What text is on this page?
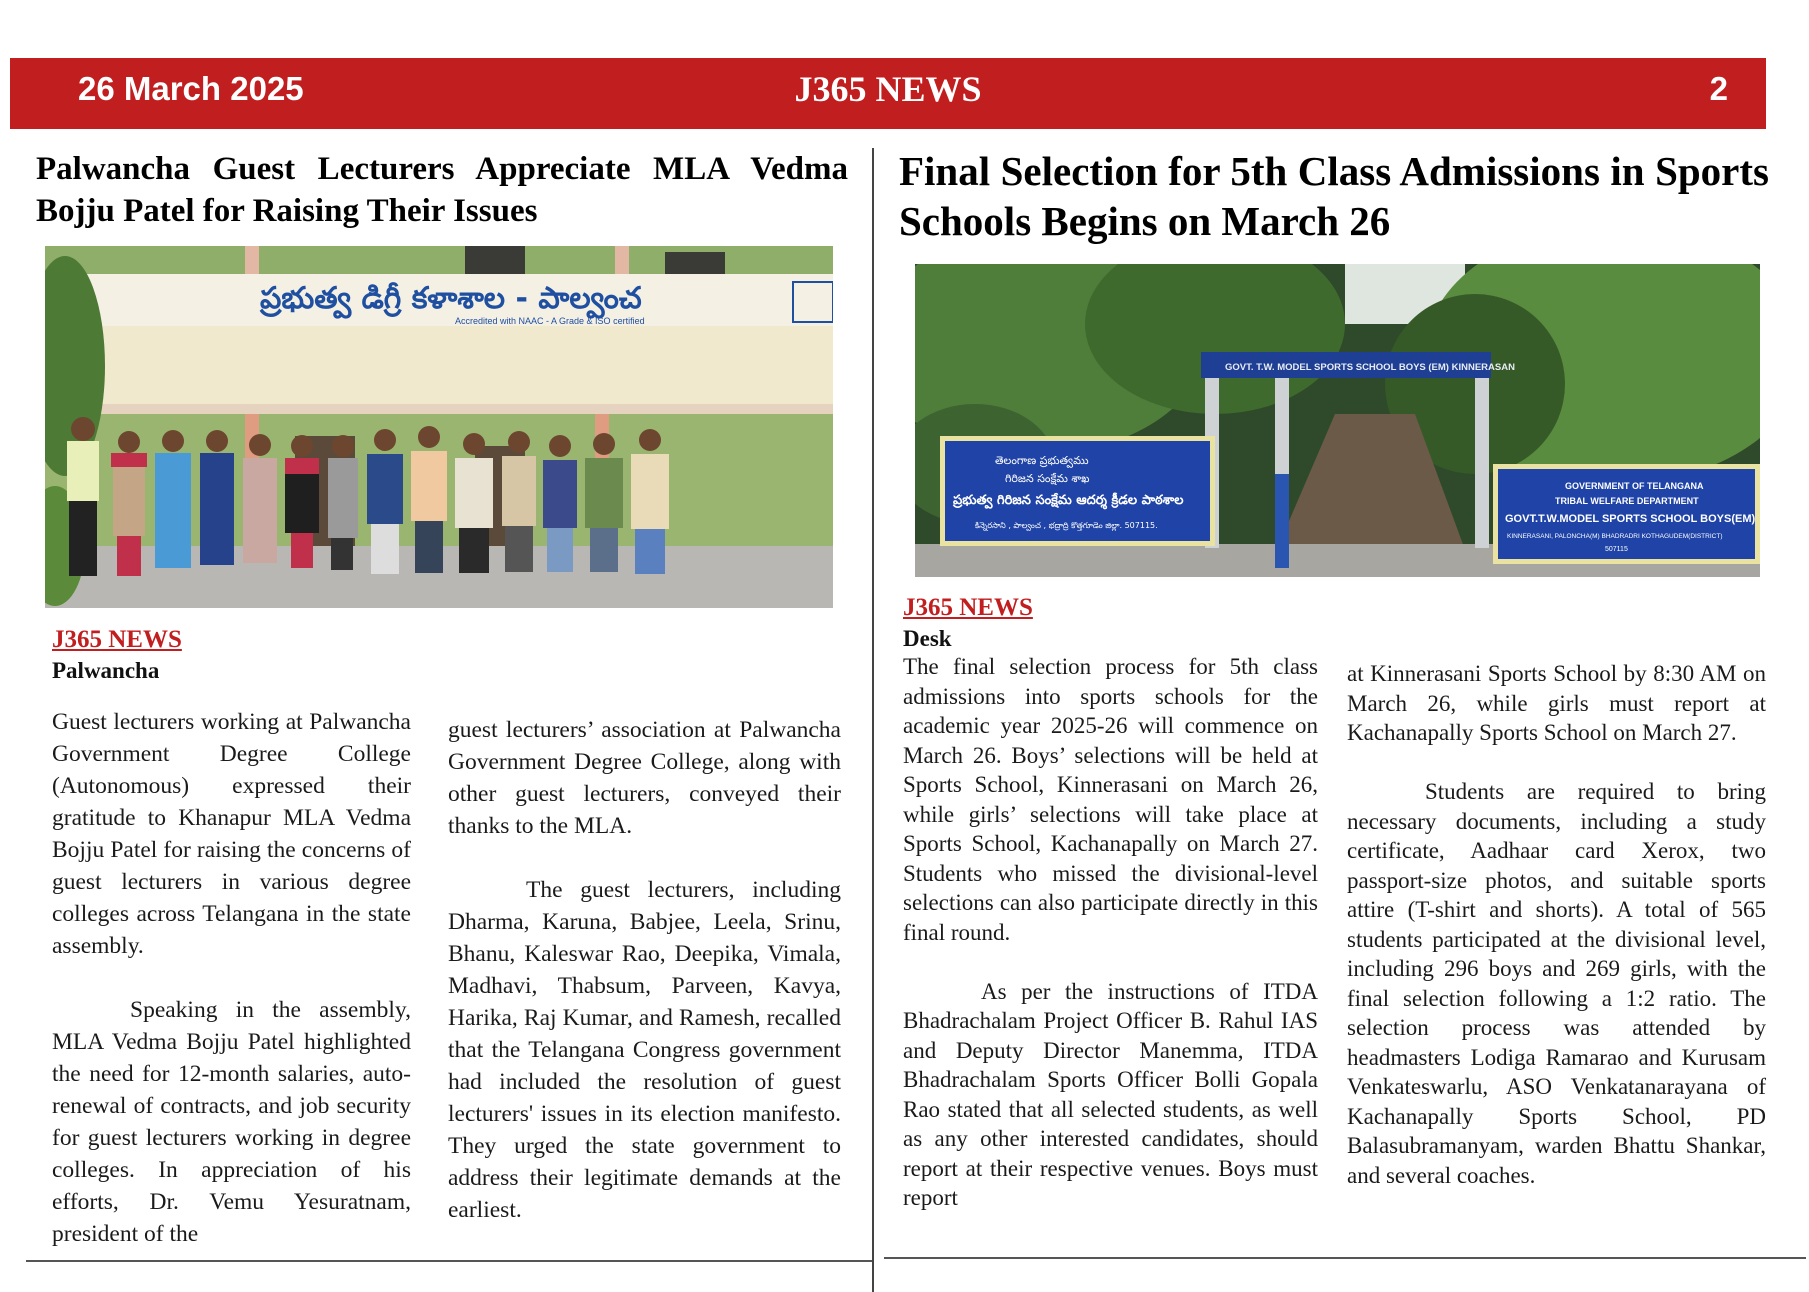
26 March 2025	J365 NEWS	2
Palwancha Guest Lecturers Appreciate MLA Vedma Bojju Patel for Raising Their Issues
ప్రభుత్వ డిగ్రీ కళాశాల - పాల్వంచ
Accredited with NAAC - A Grade & ISO certified
J365 NEWS
Palwancha

Guest lecturers working at Palwancha Government Degree College (Autonomous) expressed their gratitude to Khanapur MLA Vedma Bojju Patel for raising the concerns of guest lecturers in various degree colleges across Telangana in the state assembly.

Speaking in the assembly, MLA Vedma Bojju Patel highlighted the need for 12-month salaries, auto-renewal of contracts, and job security for guest lecturers working in degree colleges. In appreciation of his efforts, Dr. Vemu Yesuratnam, president of the

guest lecturers’ association at Palwancha Government Degree College, along with other guest lecturers, conveyed their thanks to the MLA.

The guest lecturers, including Dharma, Karuna, Babjee, Leela, Srinu, Bhanu, Kaleswar Rao, Deepika, Vimala, Madhavi, Thabsum, Parveen, Kavya, Harika, Raj Kumar, and Ramesh, recalled that the Telangana Congress government had included the resolution of guest lecturers' issues in its election manifesto. They urged the state government to address their legitimate demands at the earliest.

Final Selection for 5th Class Admissions in Sports Schools Begins on March 26
GOVT. T.W. MODEL SPORTS SCHOOL BOYS (EM) KINNERASAN
తెలంగాణ ప్రభుత్వము
గిరిజన సంక్షేమ శాఖ
ప్రభుత్వ గిరిజన సంక్షేమ ఆదర్శ క్రీడల పాఠశాల
కిన్నెరసాని , పాల్వంచ , భద్రాద్రి కొత్తగూడెం జిల్లా. 507115.
GOVERNMENT OF TELANGANA
TRIBAL WELFARE DEPARTMENT
GOVT.T.W.MODEL SPORTS SCHOOL BOYS(EM)
KINNERASANI, PALONCHA(M) BHADRADRI KOTHAGUDEM(DISTRICT)
507115
J365 NEWS
Desk

The final selection process for 5th class admissions into sports schools for the academic year 2025-26 will commence on March 26. Boys’ selections will be held at Sports School, Kinnerasani on March 26, while girls’ selections will take place at Sports School, Kachanapally on March 27. Students who missed the divisional-level selections can also participate directly in this final round.

As per the instructions of ITDA Bhadrachalam Project Officer B. Rahul IAS and Deputy Director Manemma, ITDA Bhadrachalam Sports Officer Bolli Gopala Rao stated that all selected students, as well as any other interested candidates, should report at their respective venues. Boys must report

at Kinnerasani Sports School by 8:30 AM on March 26, while girls must report at Kachanapally Sports School on March 27.

Students are required to bring necessary documents, including a study certificate, Aadhaar card Xerox, two passport-size photos, and suitable sports attire (T-shirt and shorts). A total of 565 students participated at the divisional level, including 296 boys and 269 girls, with the final selection following a 1:2 ratio. The selection process was attended by headmasters Lodiga Ramarao and Kurusam Venkateswarlu, ASO Venkatanarayana of Kachanapally Sports School, PD Balasubramanyam, warden Bhattu Shankar, and several coaches.
